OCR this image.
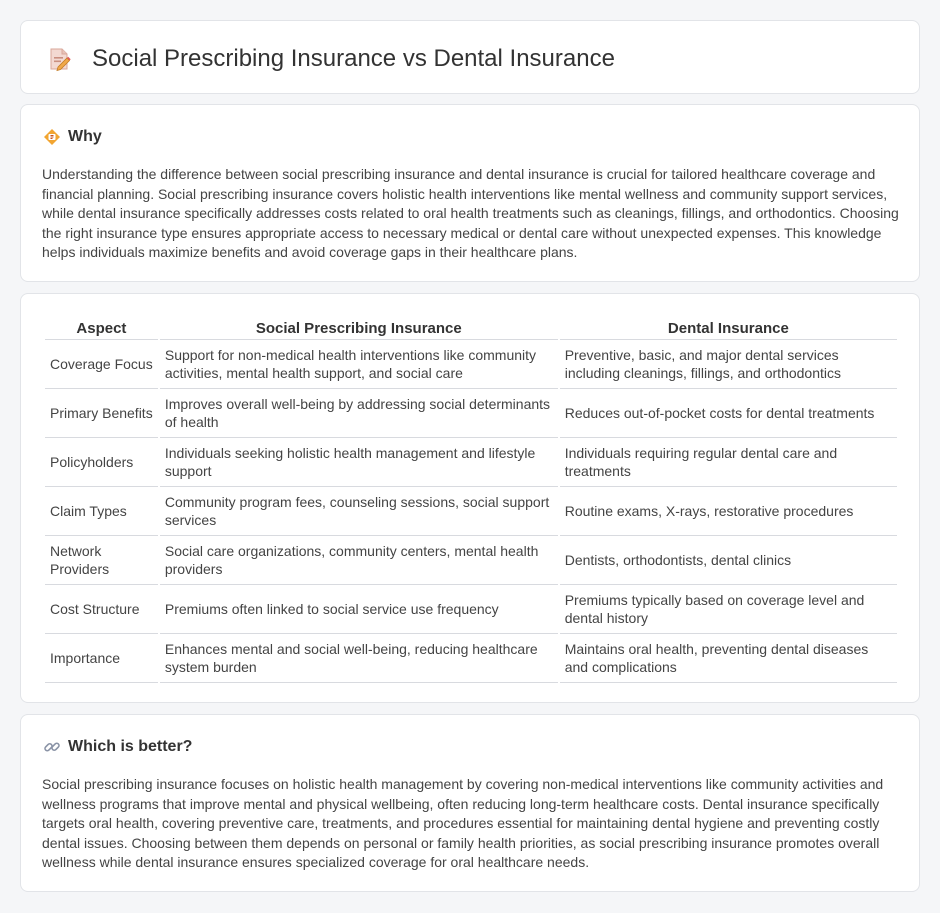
Social Prescribing Insurance vs Dental Insurance
Why

Understanding the difference between social prescribing insurance and dental insurance is crucial for tailored healthcare coverage and financial planning. Social prescribing insurance covers holistic health interventions like mental wellness and community support services, while dental insurance specifically addresses costs related to oral health treatments such as cleanings, fillings, and orthodontics. Choosing the right insurance type ensures appropriate access to necessary medical or dental care without unexpected expenses. This knowledge helps individuals maximize benefits and avoid coverage gaps in their healthcare plans.

Aspect	Social Prescribing Insurance	Dental Insurance
Coverage Focus	Support for non-medical health interventions like community activities, mental health support, and social care	Preventive, basic, and major dental services including cleanings, fillings, and orthodontics
Primary Benefits	Improves overall well-being by addressing social determinants of health	Reduces out-of-pocket costs for dental treatments
Policyholders	Individuals seeking holistic health management and lifestyle support	Individuals requiring regular dental care and treatments
Claim Types	Community program fees, counseling sessions, social support services	Routine exams, X-rays, restorative procedures
Network Providers	Social care organizations, community centers, mental health providers	Dentists, orthodontists, dental clinics
Cost Structure	Premiums often linked to social service use frequency	Premiums typically based on coverage level and dental history
Importance	Enhances mental and social well-being, reducing healthcare system burden	Maintains oral health, preventing dental diseases and complications
Which is better?

Social prescribing insurance focuses on holistic health management by covering non-medical interventions like community activities and wellness programs that improve mental and physical wellbeing, often reducing long-term healthcare costs. Dental insurance specifically targets oral health, covering preventive care, treatments, and procedures essential for maintaining dental hygiene and preventing costly dental issues. Choosing between them depends on personal or family health priorities, as social prescribing insurance promotes overall wellness while dental insurance ensures specialized coverage for oral healthcare needs.
